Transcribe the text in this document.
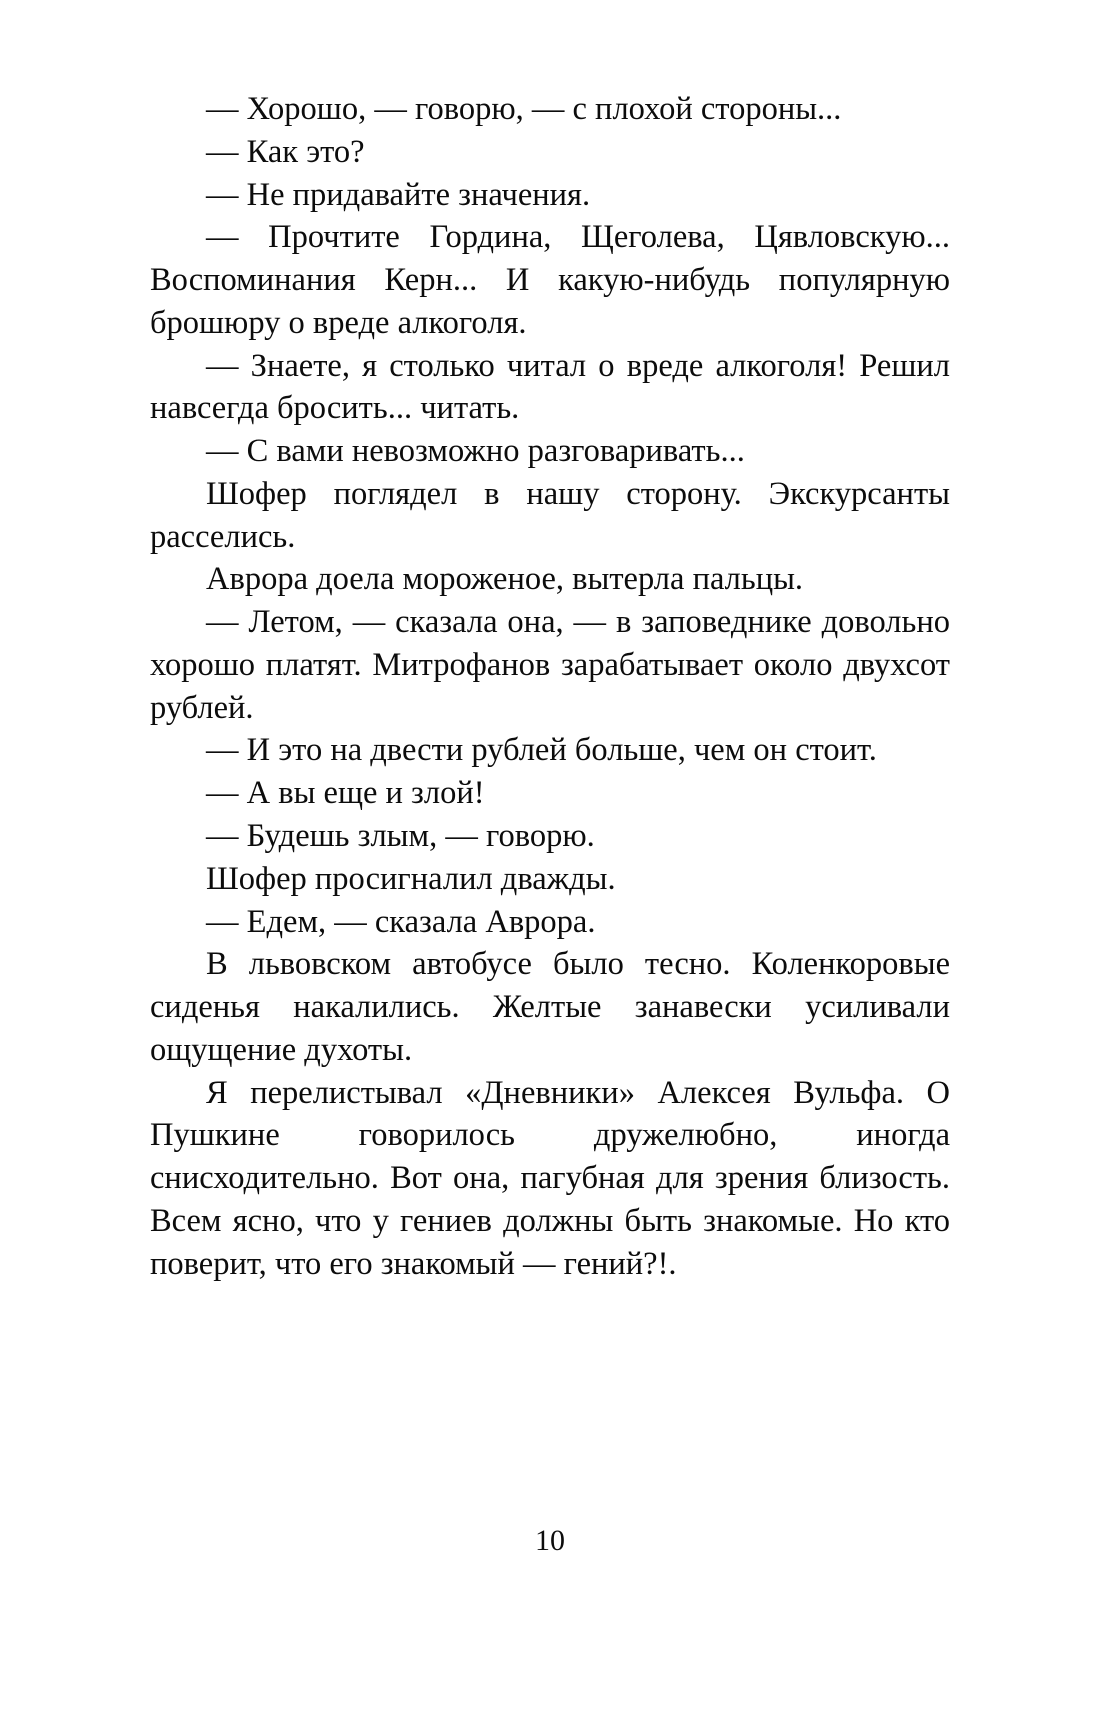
— Хорошо, — говорю, — с плохой стороны...

— Как это?

— Не придавайте значения.

— Прочтите Гордина, Щеголева, Цявловскую... Воспоминания Керн... И какую-нибудь популярную брошюру о вреде алкоголя.

— Знаете, я столько читал о вреде алкоголя! Решил навсегда бросить... читать.

— С вами невозможно разговаривать...

Шофер поглядел в нашу сторону. Экскурсанты расселись.

Аврора доела мороженое, вытерла пальцы.

— Летом, — сказала она, — в заповеднике довольно хорошо платят. Митрофанов зарабатывает около двухсот рублей.

— И это на двести рублей больше, чем он стоит.

— А вы еще и злой!

— Будешь злым, — говорю.

Шофер просигналил дважды.

— Едем, — сказала Аврора.

В львовском автобусе было тесно. Коленкоровые сиденья накалились. Желтые занавески усиливали ощущение духоты.

Я перелистывал «Дневники» Алексея Вульфа. О Пушкине говорилось дружелюбно, иногда снисходительно. Вот она, пагубная для зрения близость. Всем ясно, что у гениев должны быть знакомые. Но кто поверит, что его знакомый — гений?!.

10
